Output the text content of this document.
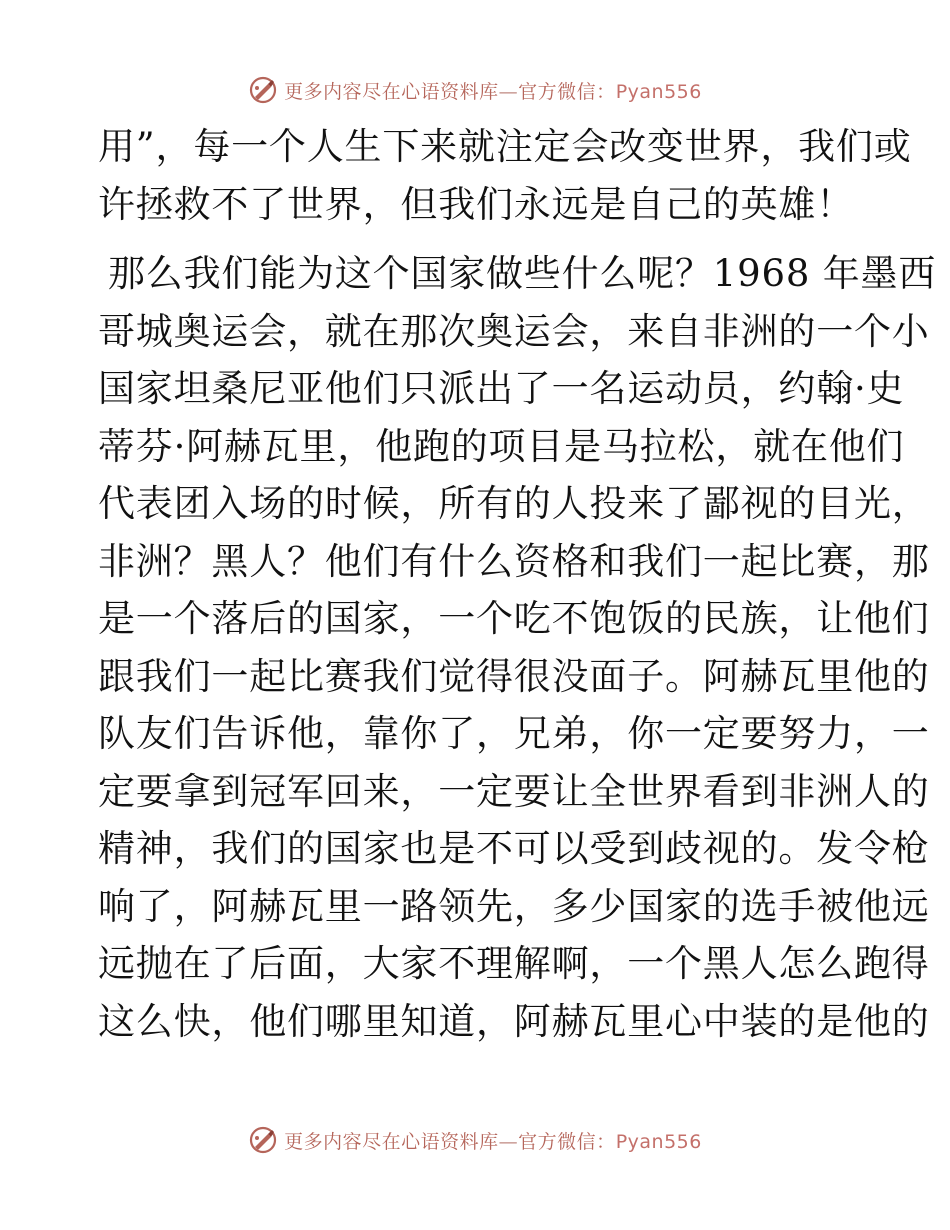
更多内容尽在心语资料库—官方微信：Pyan556
用”，每一个人生下来就注定会改变世界，我们或
许拯救不了世界，但我们永远是自己的英雄！
那么我们能为这个国家做些什么呢？1968 年墨西
哥城奥运会，就在那次奥运会，来自非洲的一个小
国家坦桑尼亚他们只派出了一名运动员，约翰·史
蒂芬·阿赫瓦里，他跑的项目是马拉松，就在他们
代表团入场的时候，所有的人投来了鄙视的目光，
非洲？黑人？他们有什么资格和我们一起比赛，那
是一个落后的国家，一个吃不饱饭的民族，让他们
跟我们一起比赛我们觉得很没面子。阿赫瓦里他的
队友们告诉他，靠你了，兄弟，你一定要努力，一
定要拿到冠军回来，一定要让全世界看到非洲人的
精神，我们的国家也是不可以受到歧视的。发令枪
响了，阿赫瓦里一路领先，多少国家的选手被他远
远抛在了后面，大家不理解啊，一个黑人怎么跑得
这么快，他们哪里知道，阿赫瓦里心中装的是他的
更多内容尽在心语资料库—官方微信：Pyan556
